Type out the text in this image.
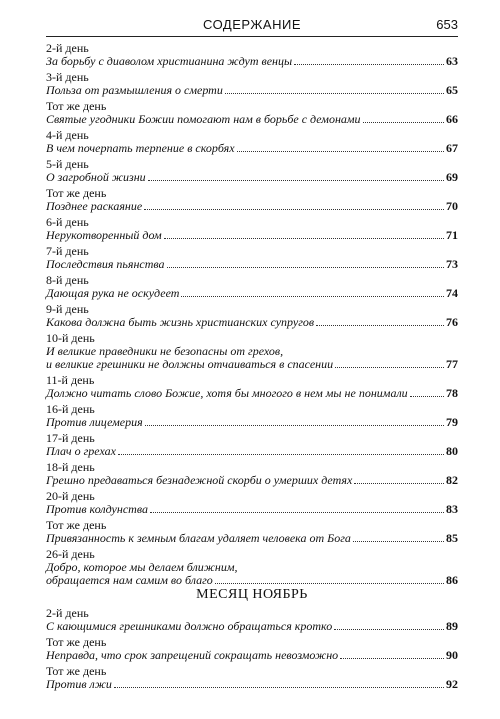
СОДЕРЖАНИЕ	653
2-й день
За борьбу с диаволом христианина ждут венцы	63
3-й день
Польза от размышления о смерти	65
Тот же день
Святые угодники Божии помогают нам в борьбе с демонами	66
4-й день
В чем почерпать терпение в скорбях	67
5-й день
О загробной жизни	69
Тот же день
Позднее раскаяние	70
6-й день
Нерукотворенный дом	71
7-й день
Последствия пьянства	73
8-й день
Дающая рука не оскудеет	74
9-й день
Какова должна быть жизнь христианских супругов	76
10-й день
И великие праведники не безопасны от грехов,
и великие грешники не должны отчаиваться в спасении	77
11-й день
Должно читать слово Божие, хотя бы многого в нем мы не понимали	78
16-й день
Против лицемерия	79
17-й день
Плач о грехах	80
18-й день
Грешно предаваться безнадежной скорби о умерших детях	82
20-й день
Против колдунства	83
Тот же день
Привязанность к земным благам удаляет человека от Бога	85
26-й день
Добро, которое мы делаем ближним,
обращается нам самим во благо	86
МЕСЯЦ НОЯБРЬ
2-й день
С кающимися грешниками должно обращаться кротко	89
Тот же день
Неправда, что срок запрещений сокращать невозможно	90
Тот же день
Против лжи	92
